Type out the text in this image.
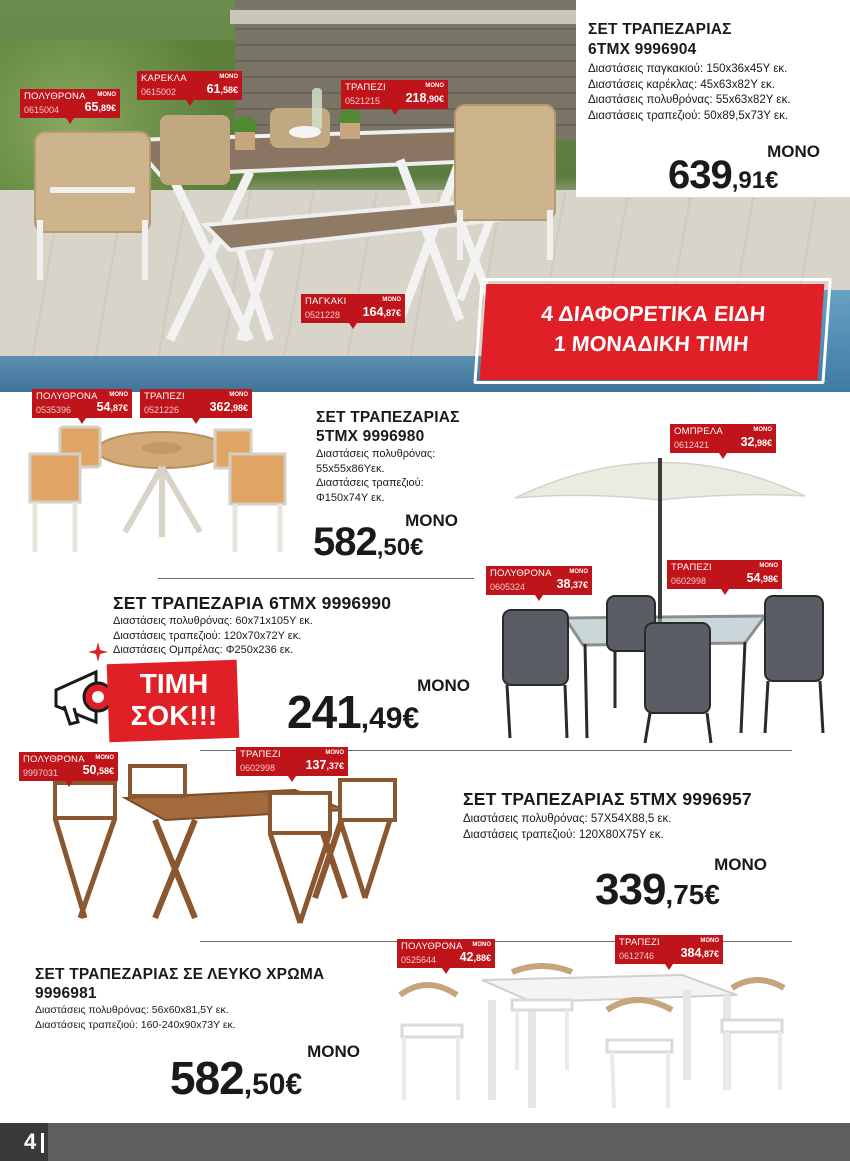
ΣΕΤ ΤΡΑΠΕΖΑΡΙΑΣ
6ΤΜΧ 9996904
Διαστάσεις παγκακιού: 150x36x45Υ εκ.
Διαστάσεις καρέκλας: 45x63x82Υ εκ.
Διαστάσεις πολυθρόνας: 55x63x82Υ εκ.
Διαστάσεις τραπεζιού: 50x89,5x73Υ εκ.
ΜΟΝΟ
639,91€
4 ΔΙΑΦΟΡΕΤΙΚΑ ΕΙΔΗ
1 ΜΟΝΑΔΙΚΗ ΤΙΜΗ
ΠΟΛΥΘΡΟΝΑ
0615004
ΜΟΝΟ
65,89€
ΚΑΡΕΚΛΑ
0615002
ΜΟΝΟ
61,58€	ΤΡΑΠΕΖΙ
0521215
ΜΟΝΟ
218,90€
ΠΑΓΚΑΚΙ
0521228
ΜΟΝΟ
164,87€
ΠΟΛΥΘΡΟΝΑ
0535396
ΜΟΝΟ
54,87€
ΤΡΑΠΕΖΙ
0521226
ΜΟΝΟ
362,98€
ΣΕΤ ΤΡΑΠΕΖΑΡΙΑΣ
5ΤΜΧ 9996980
Διαστάσεις πολυθρόνας:
55x55x86Υεκ.
Διαστάσεις τραπεζιού:
Φ150x74Υ εκ.
ΜΟΝΟ
582,50€
ΟΜΠΡΕΛΑ
0612421
ΜΟΝΟ
32,98€
ΠΟΛΥΘΡΟΝΑ
0605324
ΜΟΝΟ
38,37€
ΤΡΑΠΕΖΙ
0602998
ΜΟΝΟ
54,98€
ΣΕΤ ΤΡΑΠΕΖΑΡΙΑ 6ΤΜΧ 9996990
Διαστάσεις πολυθρόνας: 60x71x105Υ εκ.
Διαστάσεις τραπεζιού: 120x70x72Υ εκ.
Διαστάσεις Ομπρέλας: Φ250x236 εκ.
ΤΙΜΗ
ΣΟΚ!!!
ΜΟΝΟ
241,49€
ΠΟΛΥΘΡΟΝΑ
9997031
ΜΟΝΟ
50,58€
ΤΡΑΠΕΖΙ
0602998
ΜΟΝΟ
137,37€
ΣΕΤ ΤΡΑΠΕΖΑΡΙΑΣ 5ΤΜΧ 9996957
Διαστάσεις πολυθρόνας: 57X54X88,5 εκ.
Διαστάσεις τραπεζιού: 120X80X75Υ εκ.
ΜΟΝΟ
339,75€
ΠΟΛΥΘΡΟΝΑ
0525644
ΜΟΝΟ
42,88€
ΤΡΑΠΕΖΙ
0612746
ΜΟΝΟ
384,87€
ΣΕΤ ΤΡΑΠΕΖΑΡΙΑΣ ΣΕ ΛΕΥΚΟ ΧΡΩΜΑ
9996981
Διαστάσεις πολυθρόνας: 56x60x81,5Υ εκ.
Διαστάσεις τραπεζιού: 160-240x90x73Υ εκ.
ΜΟΝΟ
582,50€
4
